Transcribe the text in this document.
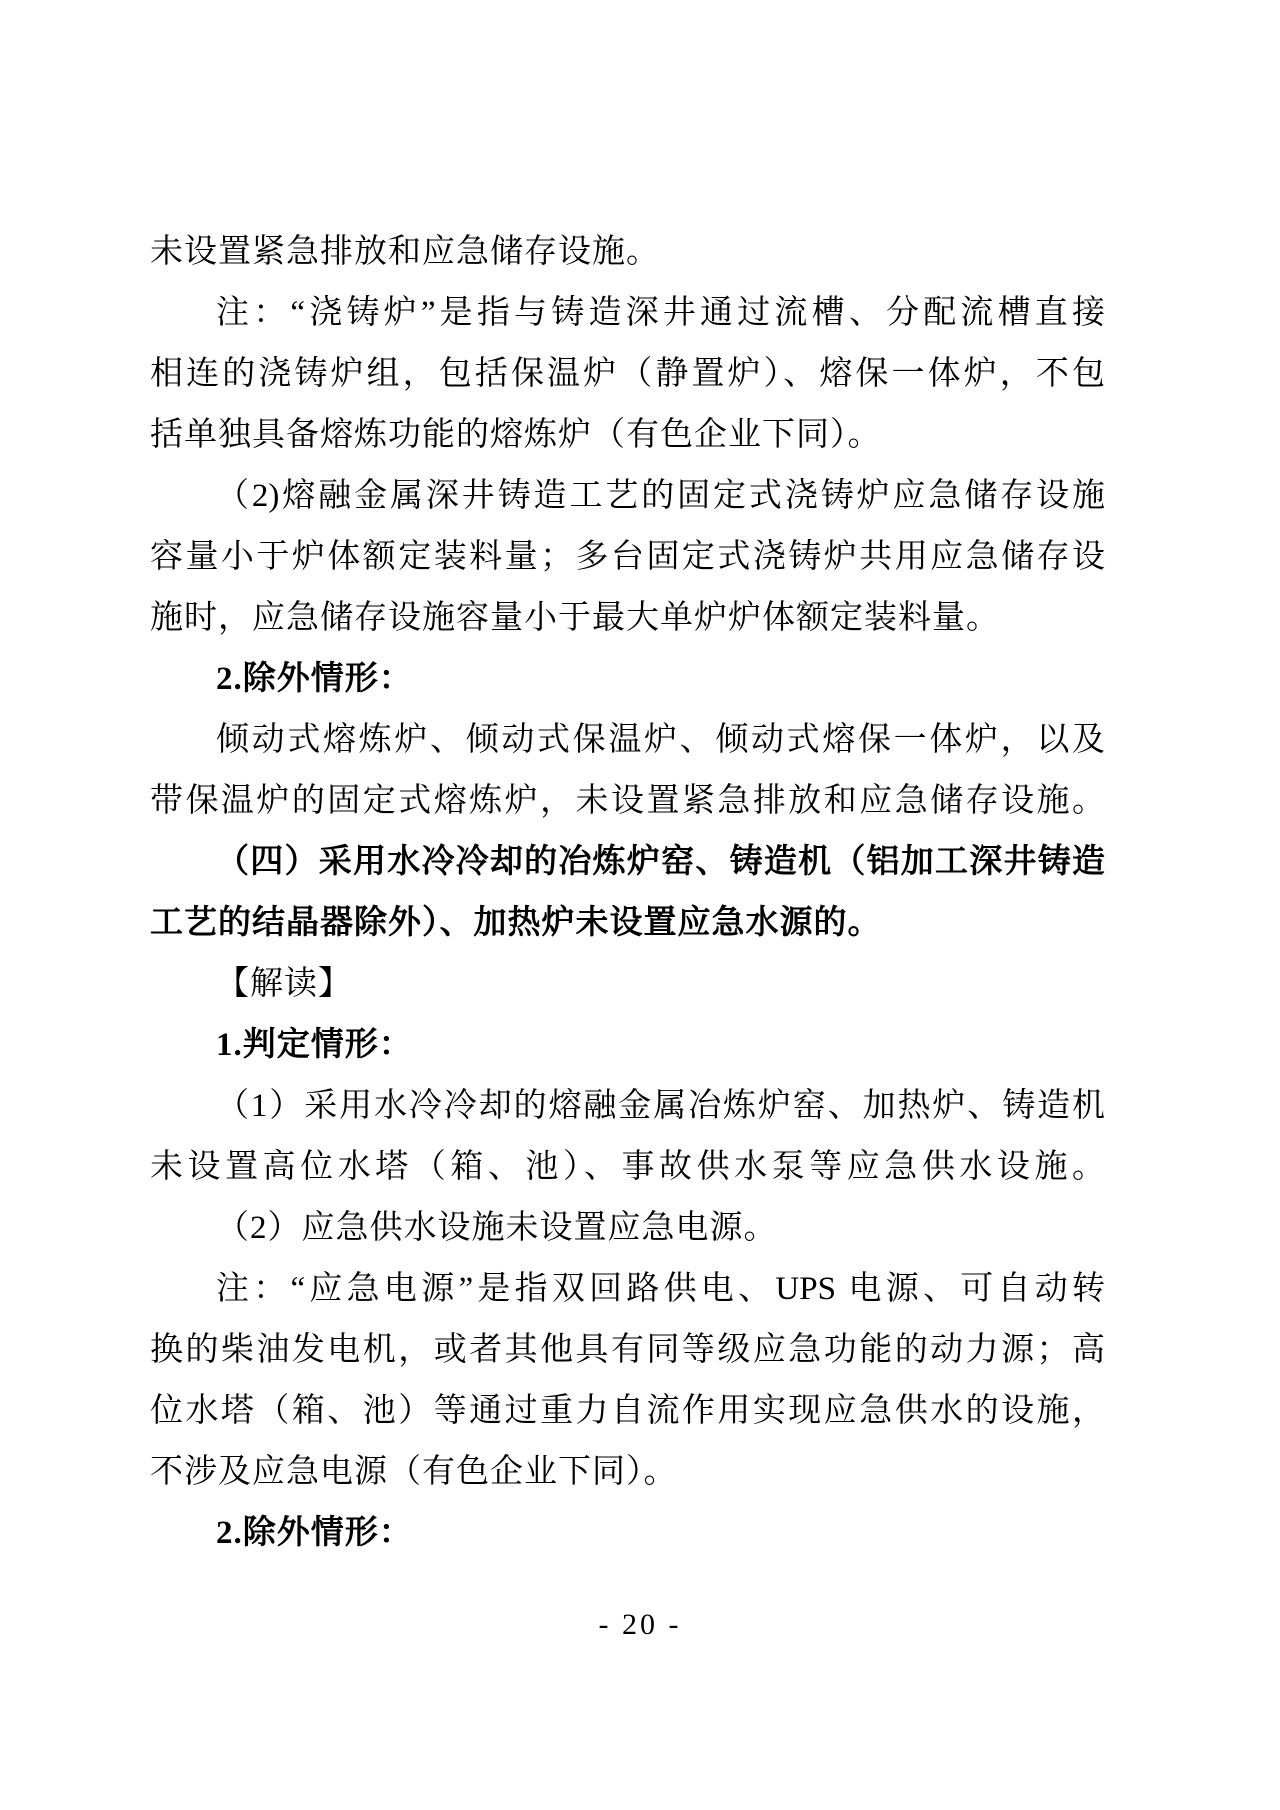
未设置紧急排放和应急储存设施。
注：“浇铸炉”是指与铸造深井通过流槽、分配流槽直接
相连的浇铸炉组，包括保温炉（静置炉）、熔保一体炉，不包
括单独具备熔炼功能的熔炼炉（有色企业下同）。
（2)熔融金属深井铸造工艺的固定式浇铸炉应急储存设施
容量小于炉体额定装料量；多台固定式浇铸炉共用应急储存设
施时，应急储存设施容量小于最大单炉炉体额定装料量。
2.除外情形：
倾动式熔炼炉、倾动式保温炉、倾动式熔保一体炉，以及
带保温炉的固定式熔炼炉，未设置紧急排放和应急储存设施。
（四）采用水冷冷却的冶炼炉窑、铸造机（铝加工深井铸造
工艺的结晶器除外）、加热炉未设置应急水源的。
【解读】
1.判定情形：
（1）采用水冷冷却的熔融金属冶炼炉窑、加热炉、铸造机
未设置高位水塔（箱、池）、事故供水泵等应急供水设施。
（2）应急供水设施未设置应急电源。
注：“应急电源”是指双回路供电、UPS 电源、可自动转
换的柴油发电机，或者其他具有同等级应急功能的动力源；高
位水塔（箱、池）等通过重力自流作用实现应急供水的设施，
不涉及应急电源（有色企业下同）。
2.除外情形：
- 20 -
